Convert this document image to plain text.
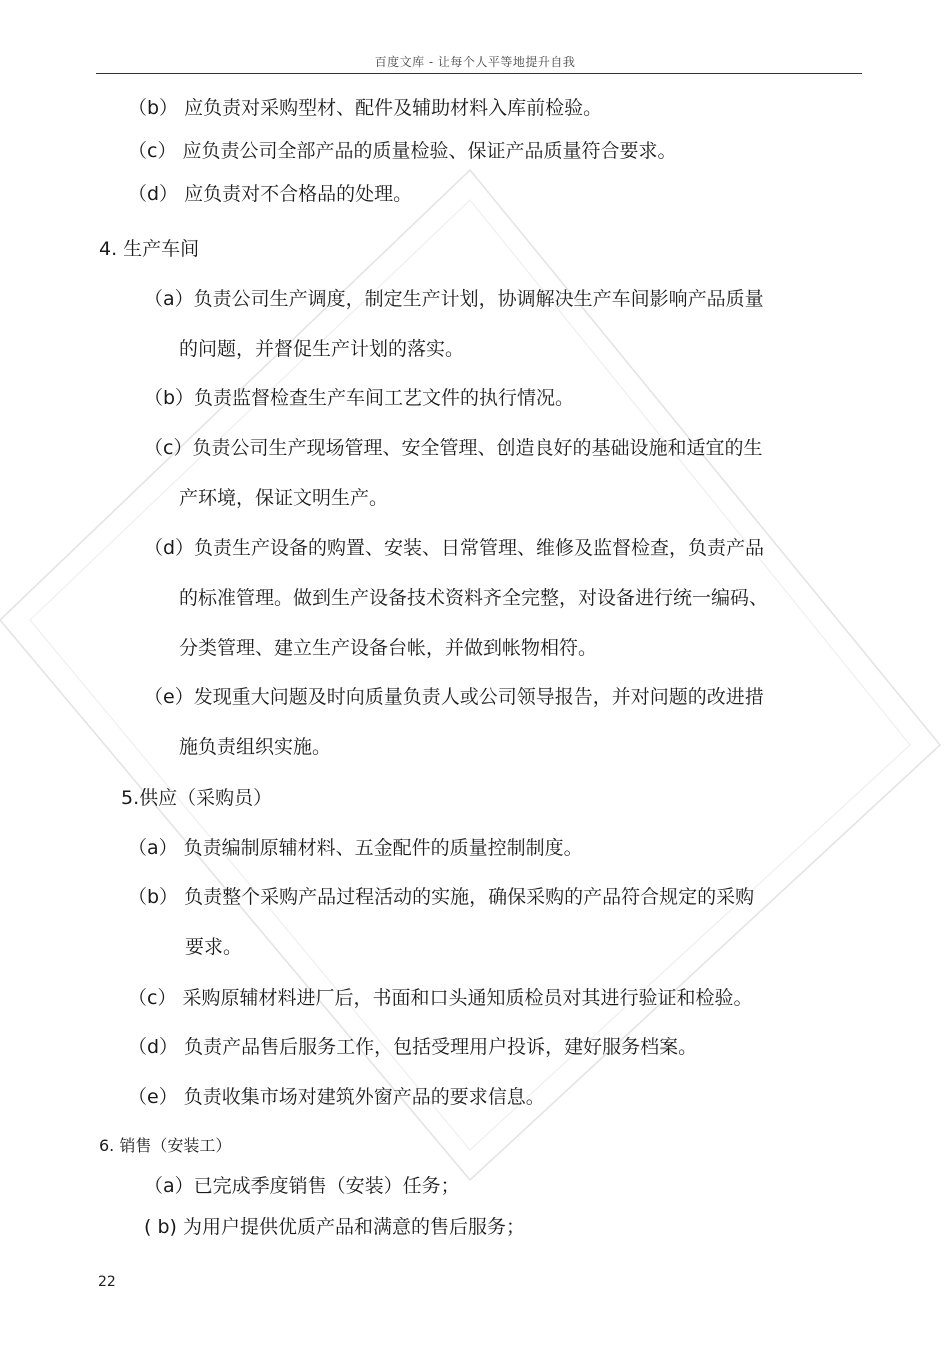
百度文库 - 让每个人平等地提升自我
（b） 应负责对采购型材、配件及辅助材料入库前检验。
（c） 应负责公司全部产品的质量检验、保证产品质量符合要求。
（d） 应负责对不合格品的处理。
4. 生产车间
（a）负责公司生产调度，制定生产计划，协调解决生产车间影响产品质量
的问题，并督促生产计划的落实。
（b）负责监督检查生产车间工艺文件的执行情况。
（c）负责公司生产现场管理、安全管理、创造良好的基础设施和适宜的生
产环境，保证文明生产。
（d）负责生产设备的购置、安装、日常管理、维修及监督检查，负责产品
的标准管理。做到生产设备技术资料齐全完整，对设备进行统一编码、
分类管理、建立生产设备台帐，并做到帐物相符。
（e）发现重大问题及时向质量负责人或公司领导报告，并对问题的改进措
施负责组织实施。
5.供应（采购员）
（a） 负责编制原辅材料、五金配件的质量控制制度。
（b） 负责整个采购产品过程活动的实施，确保采购的产品符合规定的采购
要求。
（c） 采购原辅材料进厂后，书面和口头通知质检员对其进行验证和检验。
（d） 负责产品售后服务工作，包括受理用户投诉，建好服务档案。
（e） 负责收集市场对建筑外窗产品的要求信息。
6. 销售（安装工）
（a）已完成季度销售（安装）任务；
( b) 为用户提供优质产品和满意的售后服务；
22
